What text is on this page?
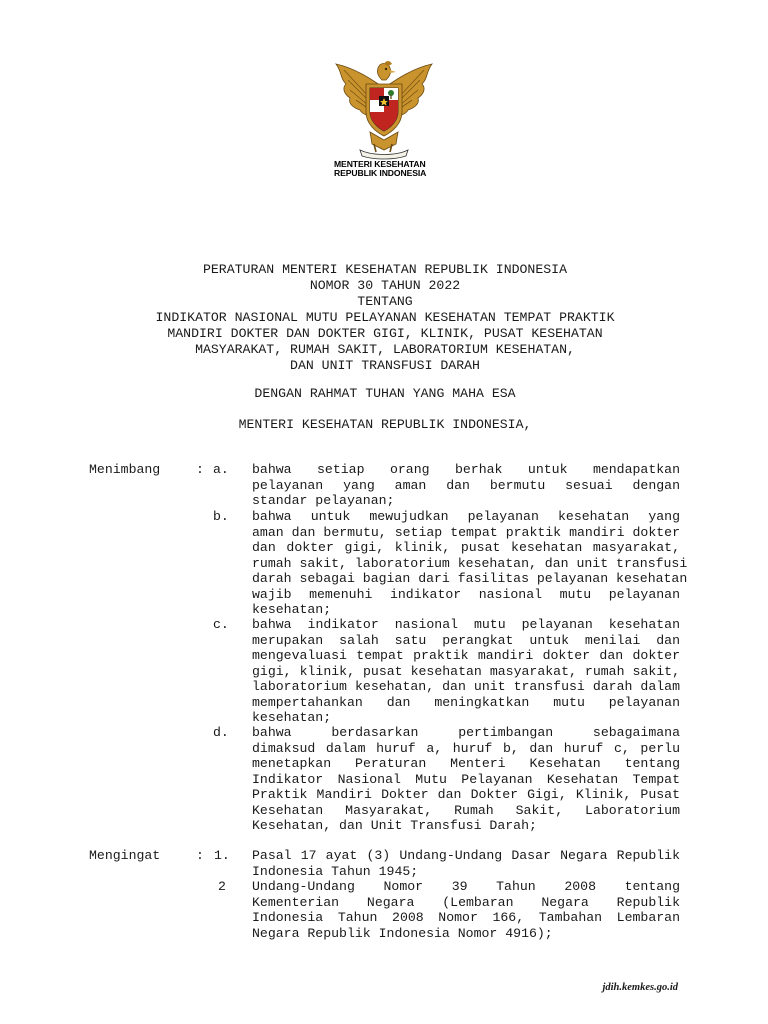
MENTERI KESEHATAN
REPUBLIK INDONESIA
PERATURAN MENTERI KESEHATAN REPUBLIK INDONESIA
NOMOR 30 TAHUN 2022
TENTANG
INDIKATOR NASIONAL MUTU PELAYANAN KESEHATAN TEMPAT PRAKTIK
MANDIRI DOKTER DAN DOKTER GIGI, KLINIK, PUSAT KESEHATAN
MASYARAKAT, RUMAH SAKIT, LABORATORIUM KESEHATAN,
DAN UNIT TRANSFUSI DARAH
DENGAN RAHMAT TUHAN YANG MAHA ESA
MENTERI KESEHATAN REPUBLIK INDONESIA,
Menimbang	: a. bahwa setiap orang berhak untuk mendapatkan
pelayanan yang aman dan bermutu sesuai dengan
standar pelayanan;
b. bahwa untuk mewujudkan pelayanan kesehatan yang
aman dan bermutu, setiap tempat praktik mandiri dokter
dan dokter gigi, klinik, pusat kesehatan masyarakat,
rumah sakit, laboratorium kesehatan, dan unit transfusi
darah sebagai bagian dari fasilitas pelayanan kesehatan
wajib memenuhi indikator nasional mutu pelayanan
kesehatan;
c. bahwa indikator nasional mutu pelayanan kesehatan
merupakan salah satu perangkat untuk menilai dan
mengevaluasi tempat praktik mandiri dokter dan dokter
gigi, klinik, pusat kesehatan masyarakat, rumah sakit,
laboratorium kesehatan, dan unit transfusi darah dalam
mempertahankan dan meningkatkan mutu pelayanan
kesehatan;
d. bahwa berdasarkan pertimbangan sebagaimana
dimaksud dalam huruf a, huruf b, dan huruf c, perlu
menetapkan Peraturan Menteri Kesehatan tentang
Indikator Nasional Mutu Pelayanan Kesehatan Tempat
Praktik Mandiri Dokter dan Dokter Gigi, Klinik, Pusat
Kesehatan Masyarakat, Rumah Sakit, Laboratorium
Kesehatan, dan Unit Transfusi Darah;
Mengingat	: 1. Pasal 17 ayat (3) Undang-Undang Dasar Negara Republik
Indonesia Tahun 1945;
2 Undang-Undang Nomor 39 Tahun 2008 tentang
Kementerian Negara (Lembaran Negara Republik
Indonesia Tahun 2008 Nomor 166, Tambahan Lembaran
Negara Republik Indonesia Nomor 4916);
jdih.kemkes.go.id
